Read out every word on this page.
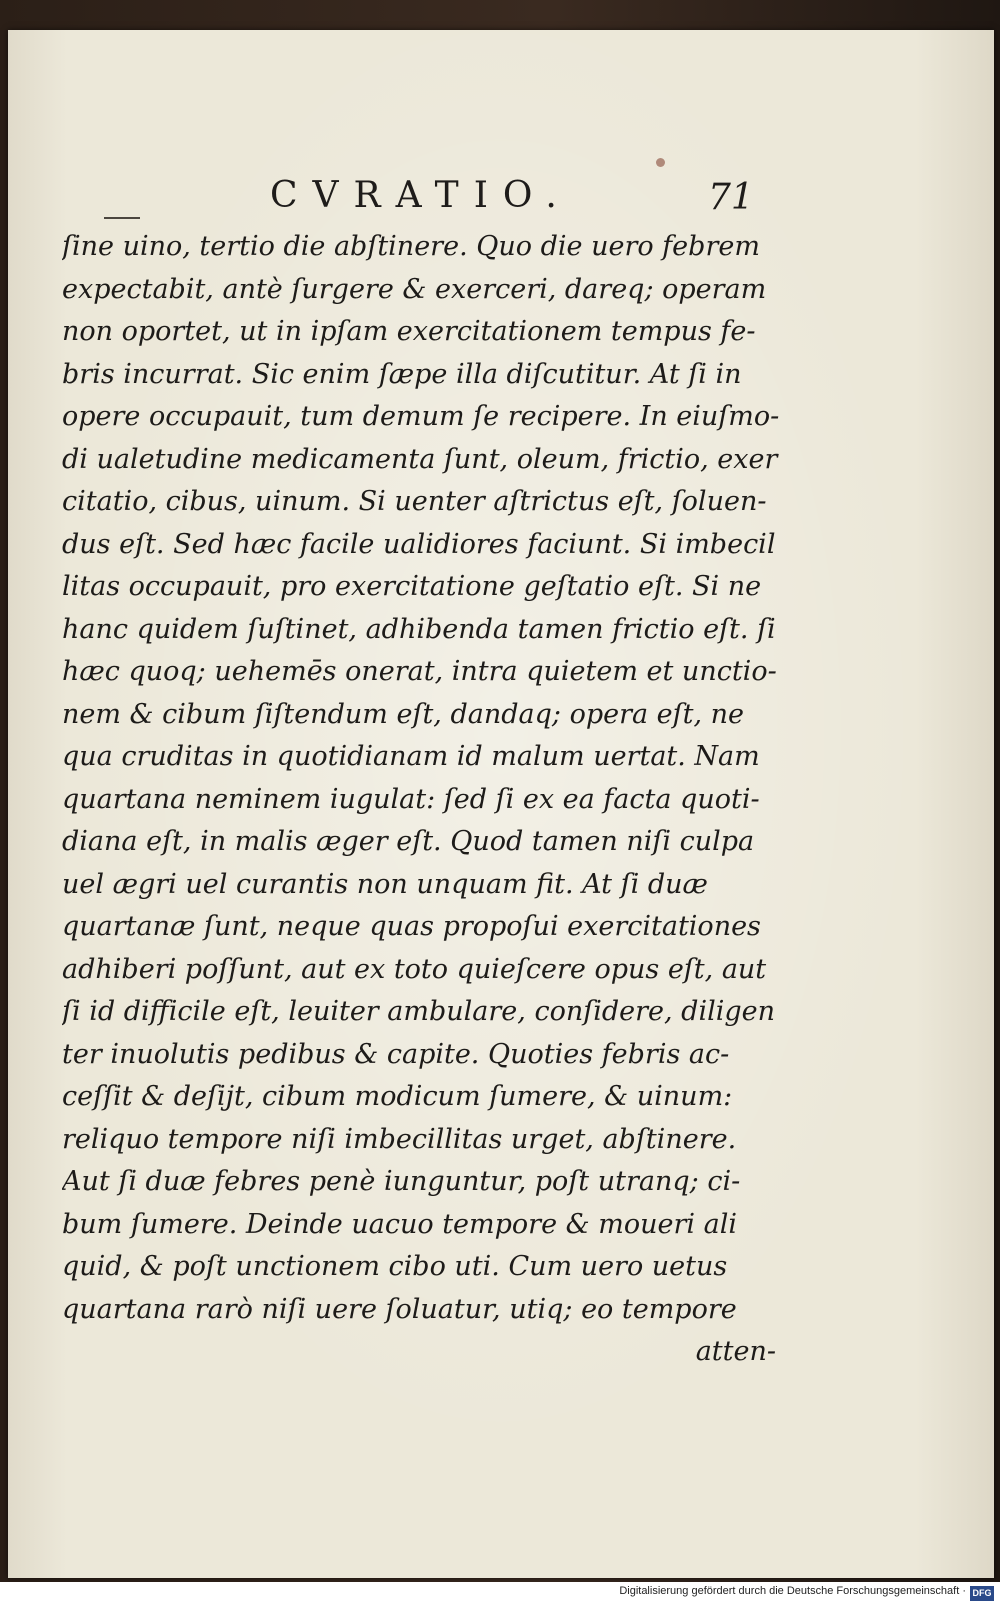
CVRATIO.	71
ſine uino, tertio die abſtinere. Quo die uero febrem
expectabit, antè ſurgere & exerceri, dareq; operam
non oportet, ut in ipſam exercitationem tempus fe-
bris incurrat. Sic enim ſæpe illa diſcutitur. At ſi in
opere occupauit, tum demum ſe recipere. In eiuſmo-
di ualetudine medicamenta ſunt, oleum, frictio, exer
citatio, cibus, uinum. Si uenter aſtrictus eſt, ſoluen-
dus eſt. Sed hæc facile ualidiores faciunt. Si imbecil
litas occupauit, pro exercitatione geſtatio eſt. Si ne
hanc quidem ſuſtinet, adhibenda tamen frictio eſt. ſi
hæc quoq; uehemēs onerat, intra quietem et unctio-
nem & cibum ſiſtendum eſt, dandaq; opera eſt, ne
qua cruditas in quotidianam id malum uertat. Nam
quartana neminem iugulat: ſed ſi ex ea facta quoti-
diana eſt, in malis æger eſt. Quod tamen niſi culpa
uel ægri uel curantis non unquam fit. At ſi duæ
quartanæ ſunt, neque quas propoſui exercitationes
adhiberi poſſunt, aut ex toto quieſcere opus eſt, aut
ſi id difficile eſt, leuiter ambulare, conſidere, diligen
ter inuolutis pedibus & capite. Quoties febris ac-
ceſſit & deſijt, cibum modicum ſumere, & uinum:
reliquo tempore niſi imbecillitas urget, abſtinere.
Aut ſi duæ febres penè iunguntur, poſt utranq; ci-
bum ſumere. Deinde uacuo tempore & moueri ali
quid, & poſt unctionem cibo uti. Cum uero uetus
quartana rarò niſi uere ſoluatur, utiq; eo tempore
atten-
Digitalisierung gefördert durch die Deutsche Forschungsgemeinschaft · DFG
